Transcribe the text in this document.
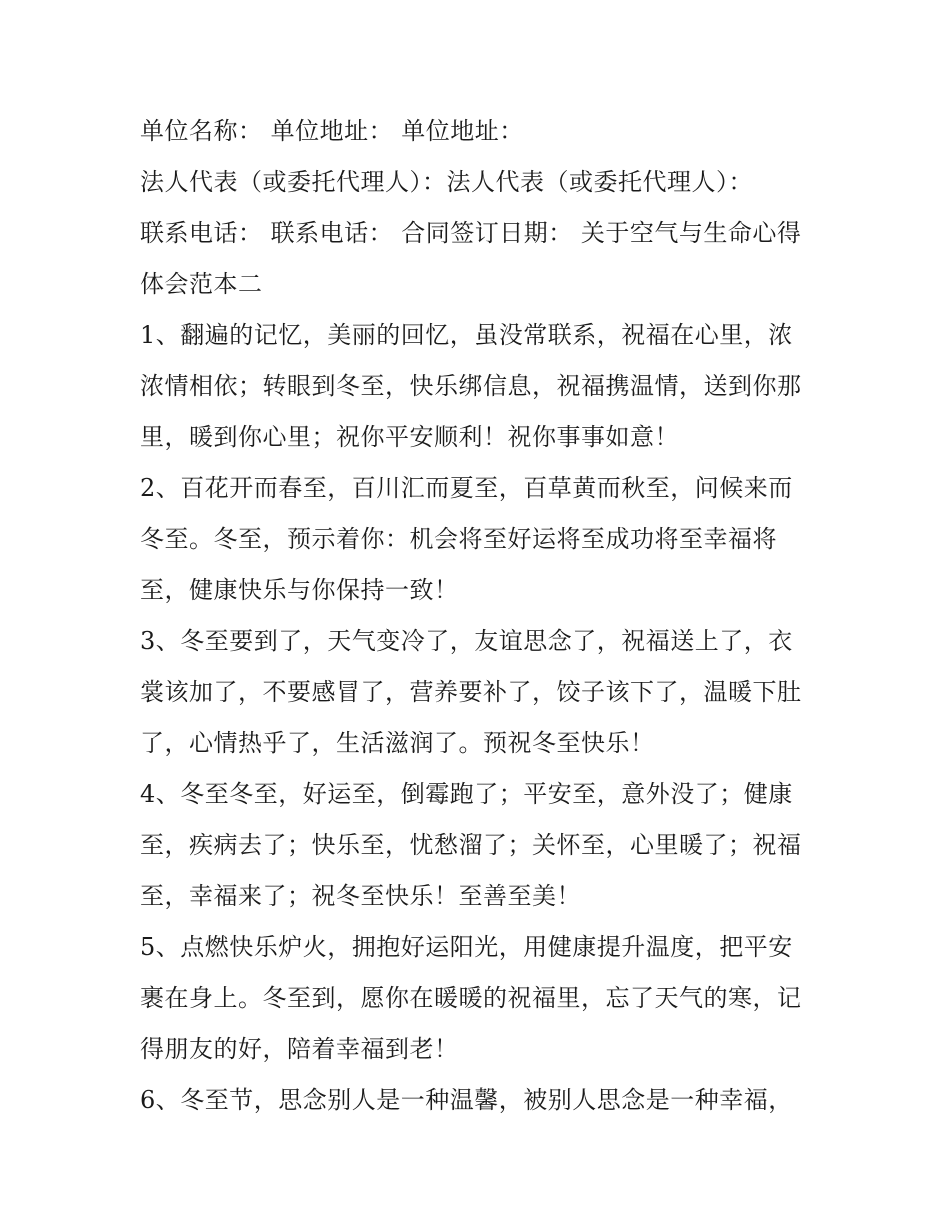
单位名称： 单位地址： 单位地址：
法人代表（或委托代理人）：法人代表（或委托代理人）：
联系电话： 联系电话： 合同签订日期： 关于空气与生命心得
体会范本二
1、翻遍的记忆，美丽的回忆，虽没常联系，祝福在心里，浓
浓情相依；转眼到冬至，快乐绑信息，祝福携温情，送到你那
里，暖到你心里；祝你平安顺利！祝你事事如意！
2、百花开而春至，百川汇而夏至，百草黄而秋至，问候来而
冬至。冬至，预示着你：机会将至好运将至成功将至幸福将
至，健康快乐与你保持一致！
3、冬至要到了，天气变冷了，友谊思念了，祝福送上了，衣
裳该加了，不要感冒了，营养要补了，饺子该下了，温暖下肚
了，心情热乎了，生活滋润了。预祝冬至快乐！
4、冬至冬至，好运至，倒霉跑了；平安至，意外没了；健康
至，疾病去了；快乐至，忧愁溜了；关怀至，心里暖了；祝福
至，幸福来了；祝冬至快乐！至善至美！
5、点燃快乐炉火，拥抱好运阳光，用健康提升温度，把平安
裹在身上。冬至到，愿你在暖暖的祝福里，忘了天气的寒，记
得朋友的好，陪着幸福到老！
6、冬至节，思念别人是一种温馨，被别人思念是一种幸福，
